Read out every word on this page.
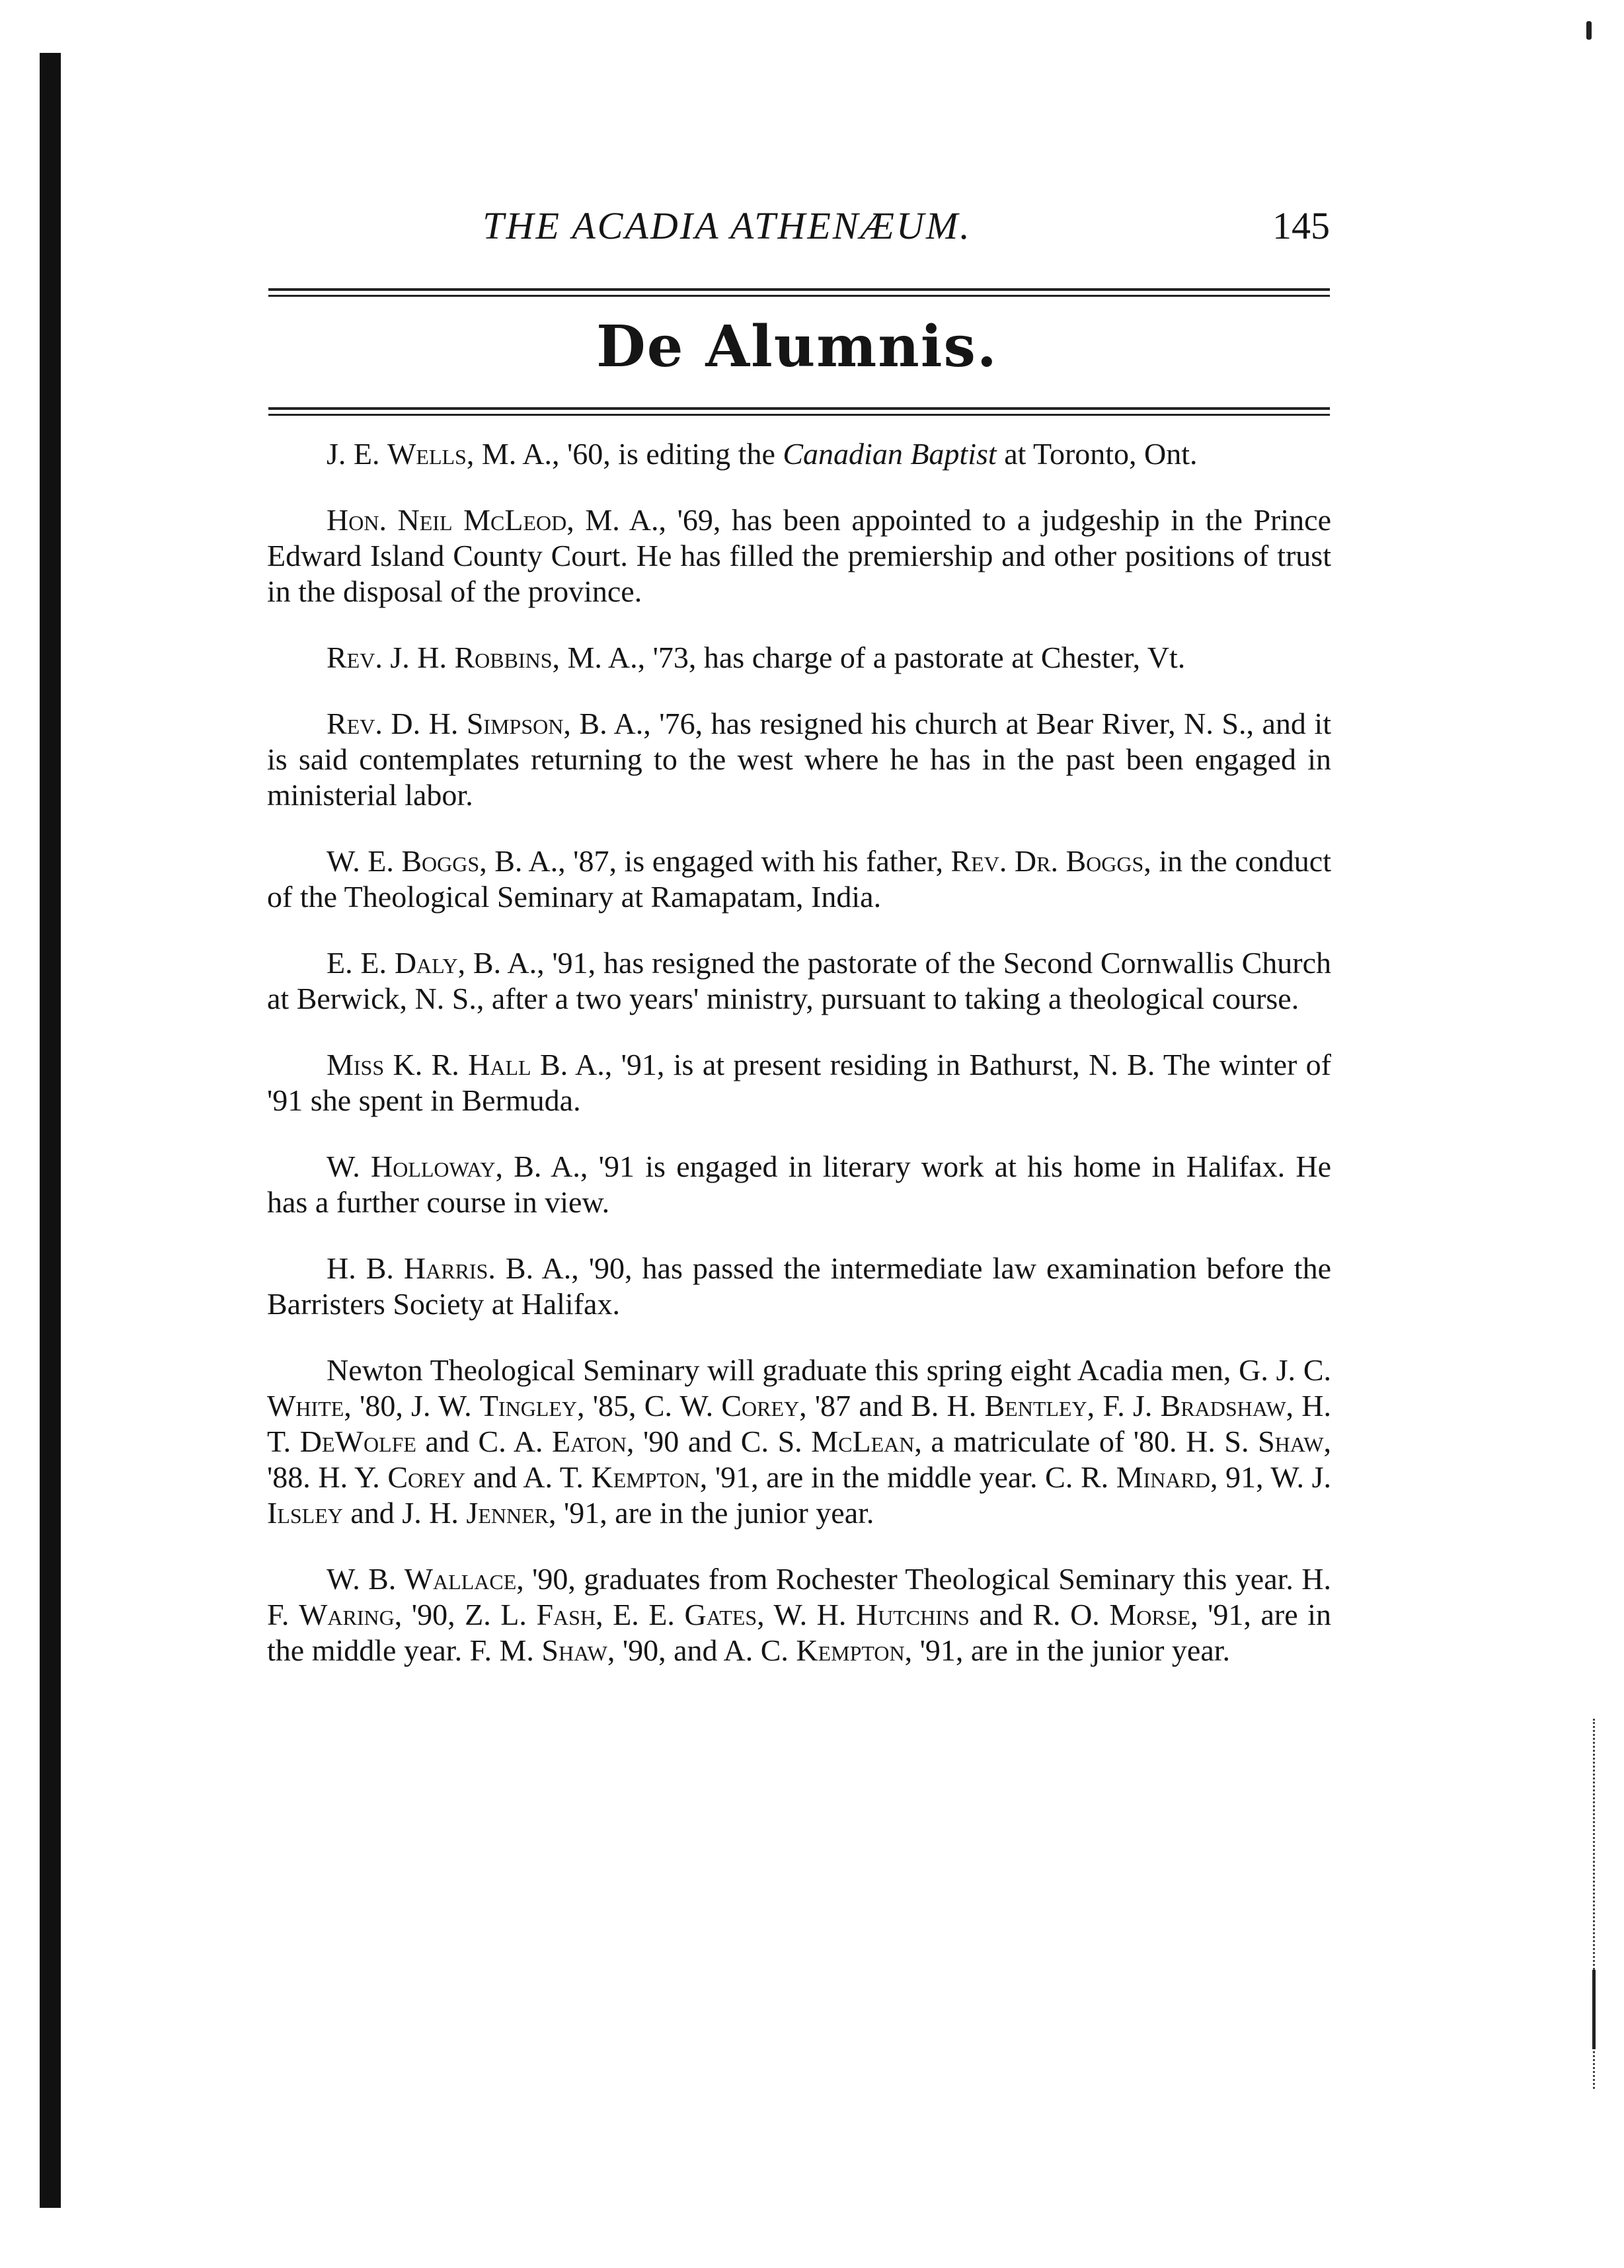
THE ACADIA ATHENÆUM.	145
De Alumnis.

J. E. Wells, M. A., '60, is editing the Canadian Baptist at Toronto, Ont.

Hon. Neil McLeod, M. A., '69, has been appointed to a judgeship in the Prince Edward Island County Court. He has filled the premiership and other positions of trust in the disposal of the province.

Rev. J. H. Robbins, M. A., '73, has charge of a pastorate at Chester, Vt.

Rev. D. H. Simpson, B. A., '76, has resigned his church at Bear River, N. S., and it is said contemplates returning to the west where he has in the past been engaged in ministerial labor.

W. E. Boggs, B. A., '87, is engaged with his father, Rev. Dr. Boggs, in the conduct of the Theological Seminary at Ramapatam, India.

E. E. Daly, B. A., '91, has resigned the pastorate of the Second Cornwallis Church at Berwick, N. S., after a two years' ministry, pursuant to taking a theological course.

Miss K. R. Hall B. A., '91, is at present residing in Bathurst, N. B. The winter of '91 she spent in Bermuda.

W. Holloway, B. A., '91 is engaged in literary work at his home in Halifax. He has a further course in view.

H. B. Harris. B. A., '90, has passed the intermediate law examination before the Barristers Society at Halifax.

Newton Theological Seminary will graduate this spring eight Acadia men, G. J. C. White, '80, J. W. Tingley, '85, C. W. Corey, '87 and B. H. Bentley, F. J. Bradshaw, H. T. DeWolfe and C. A. Eaton, '90 and C. S. McLean, a matriculate of '80. H. S. Shaw, '88. H. Y. Corey and A. T. Kempton, '91, are in the middle year. C. R. Minard, 91, W. J. Ilsley and J. H. Jenner, '91, are in the junior year.

W. B. Wallace, '90, graduates from Rochester Theological Seminary this year. H. F. Waring, '90, Z. L. Fash, E. E. Gates, W. H. Hutchins and R. O. Morse, '91, are in the middle year. F. M. Shaw, '90, and A. C. Kempton, '91, are in the junior year.
